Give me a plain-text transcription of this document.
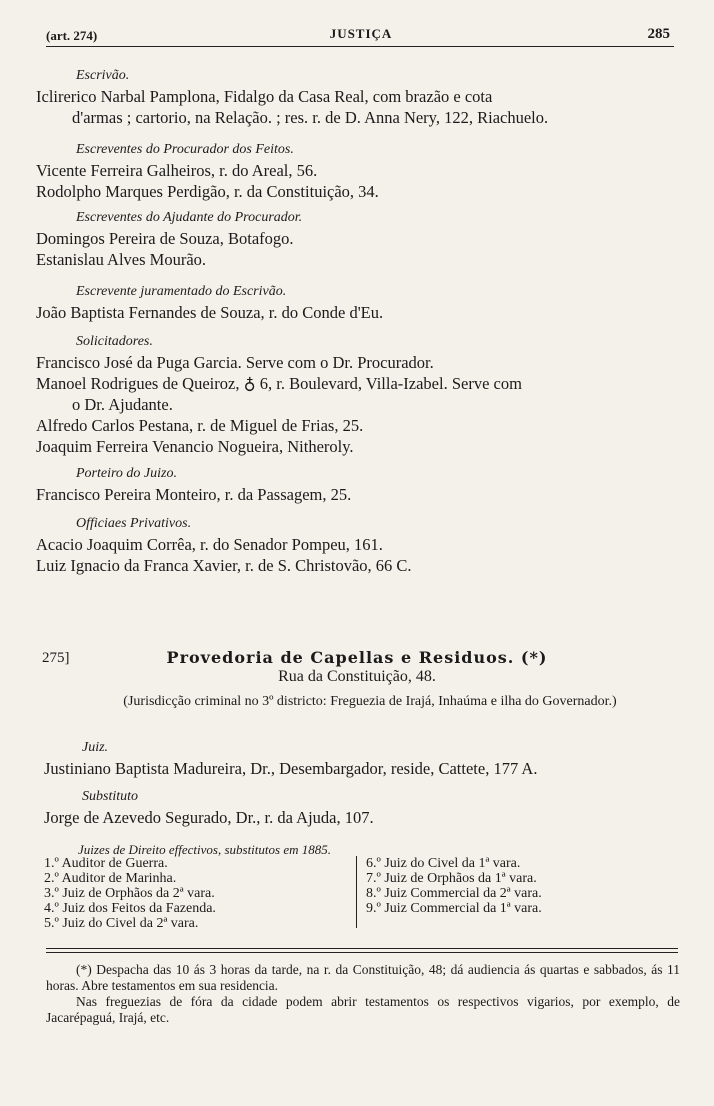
(art. 274)	JUSTIÇA	285
Escrivão.
Iclirerico Narbal Pamplona, Fidalgo da Casa Real, com brazão e cota
d'armas ; cartorio, na Relação. ; res. r. de D. Anna Nery, 122, Riachuelo.
Escreventes do Procurador dos Feitos.
Vicente Ferreira Galheiros, r. do Areal, 56.
Rodolpho Marques Perdigão, r. da Constituição, 34.
Escreventes do Ajudante do Procurador.
Domingos Pereira de Souza, Botafogo.
Estanislau Alves Mourão.
Escrevente juramentado do Escrivão.
João Baptista Fernandes de Souza, r. do Conde d'Eu.
Solicitadores.
Francisco José da Puga Garcia. Serve com o Dr. Procurador.
Manoel Rodrigues de Queiroz, ♁ 6, r. Boulevard, Villa-Izabel. Serve com
o Dr. Ajudante.
Alfredo Carlos Pestana, r. de Miguel de Frias, 25.
Joaquim Ferreira Venancio Nogueira, Nitheroly.
Porteiro do Juizo.
Francisco Pereira Monteiro, r. da Passagem, 25.
Officiaes Privativos.
Acacio Joaquim Corrêa, r. do Senador Pompeu, 161.
Luiz Ignacio da Franca Xavier, r. de S. Christovão, 66 C.
275]	Provedoria de Capellas e Residuos. (*)
Rua da Constituição, 48.
(Jurisdicção criminal no 3º districto: Freguezia de Irajá, Inhaúma e ilha do Governador.)
Juiz.
Justiniano Baptista Madureira, Dr., Desembargador, reside, Cattete, 177 A.
Substituto
Jorge de Azevedo Segurado, Dr., r. da Ajuda, 107.
Juizes de Direito effectivos, substitutos em 1885.
1.º Auditor de Guerra.
2.º Auditor de Marinha.
3.º Juiz de Orphãos da 2ª vara.
4.º Juiz dos Feitos da Fazenda.
5.º Juiz do Civel da 2ª vara.
6.º Juiz do Civel da 1ª vara.
7.º Juiz de Orphãos da 1ª vara.
8.º Juiz Commercial da 2ª vara.
9.º Juiz Commercial da 1ª vara.

(*) Despacha das 10 ás 3 horas da tarde, na r. da Constituição, 48; dá audiencia ás quartas e sabbados, ás 11 horas. Abre testamentos em sua residencia.

Nas freguezias de fóra da cidade podem abrir testamentos os respectivos vigarios, por exemplo, de Jacarépaguá, Irajá, etc.
